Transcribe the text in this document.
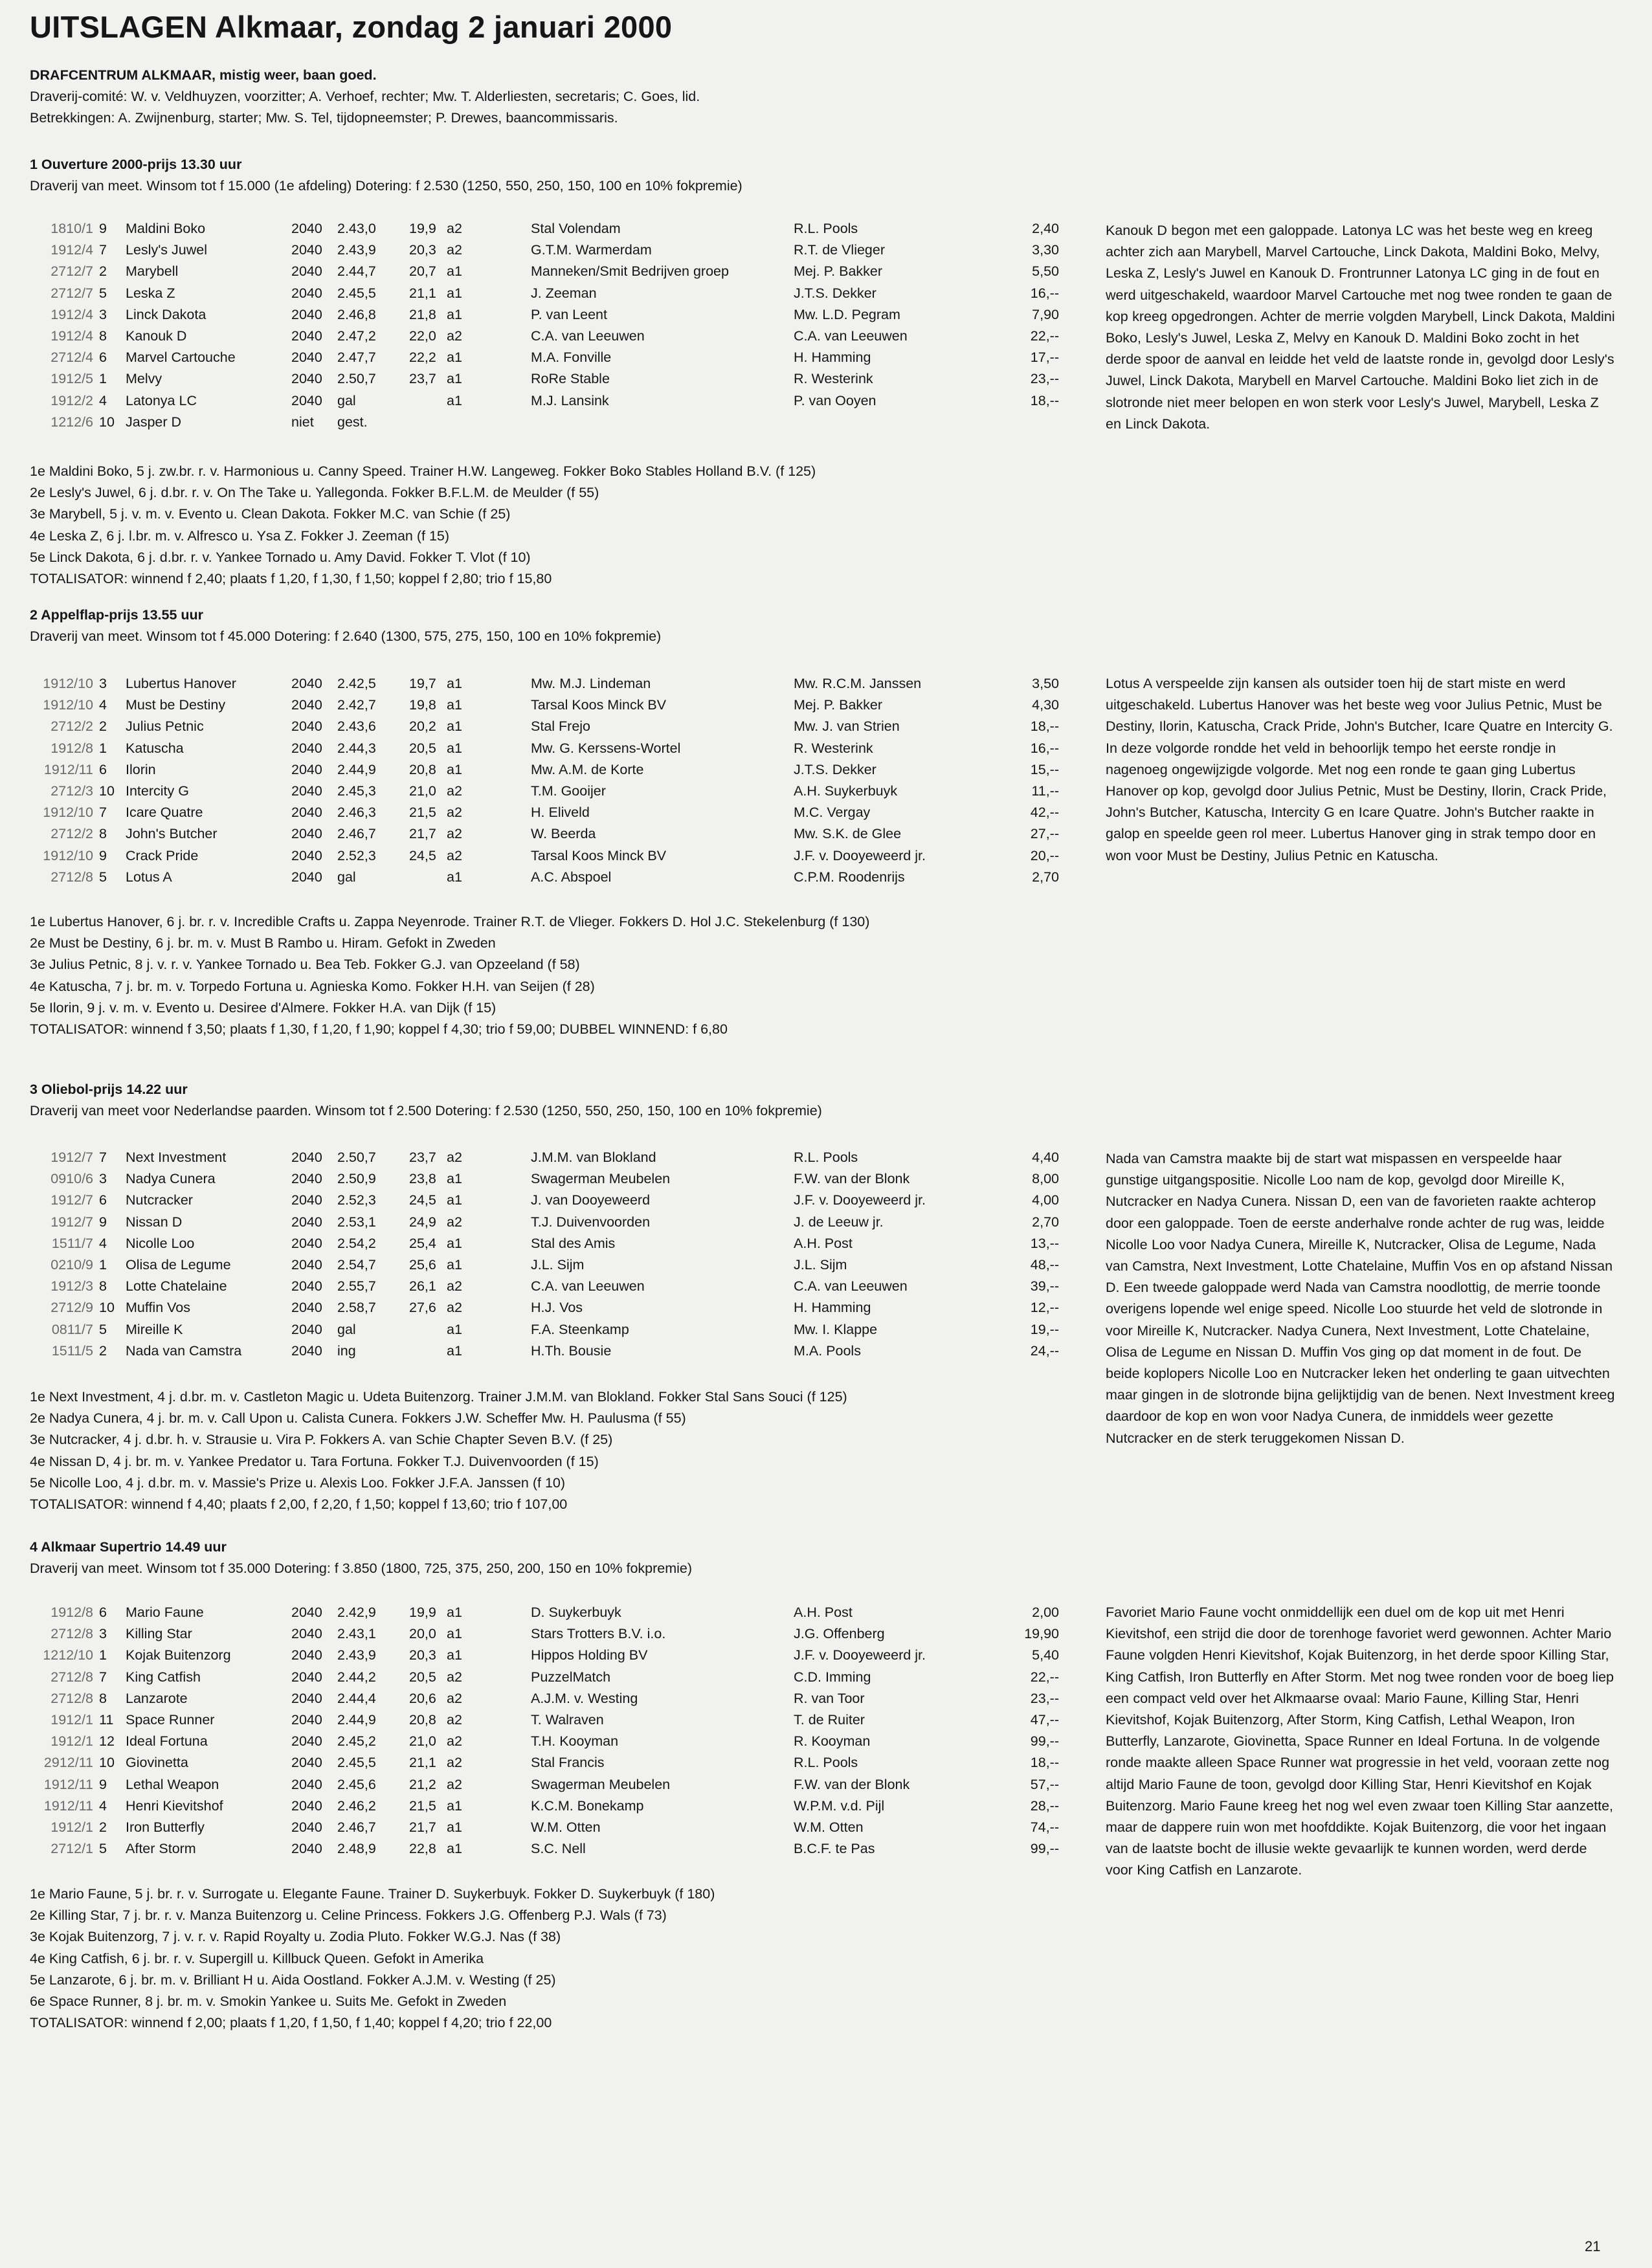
UITSLAGEN Alkmaar, zondag 2 januari 2000
DRAFCENTRUM ALKMAAR, mistig weer, baan goed.
Draverij-comité: W. v. Veldhuyzen, voorzitter; A. Verhoef, rechter; Mw. T. Alderliesten, secretaris; C. Goes, lid.
Betrekkingen: A. Zwijnenburg, starter; Mw. S. Tel, tijdopneemster; P. Drewes, baancommissaris.
1 Ouverture 2000-prijs 13.30 uur
Draverij van meet. Winsom tot f 15.000 (1e afdeling) Dotering: f 2.530 (1250, 550, 250, 150, 100 en 10% fokpremie)
1810/1 9	Maldini Boko	2040 2.43,0 19,9 a2	Stal Volendam	R.L. Pools	2,40
1912/4 7	Lesly's Juwel	2040 2.43,9 20,3 a2	G.T.M. Warmerdam	R.T. de Vlieger	3,30
2712/7 2	Marybell	2040 2.44,7 20,7 a1	Manneken/Smit Bedrijven groep	Mej. P. Bakker	5,50
2712/7 5	Leska Z	2040 2.45,5 21,1 a1	J. Zeeman	J.T.S. Dekker	16,--
1912/4 3	Linck Dakota	2040 2.46,8 21,8 a1	P. van Leent	Mw. L.D. Pegram	7,90
1912/4 8	Kanouk D	2040 2.47,2 22,0 a2	C.A. van Leeuwen	C.A. van Leeuwen	22,--
2712/4 6	Marvel Cartouche	2040 2.47,7 22,2 a1	M.A. Fonville	H. Hamming	17,--
1912/5 1	Melvy	2040 2.50,7 23,7 a1	RoRe Stable	R. Westerink	23,--
1912/2 4	Latonya LC	2040 gal	a1	M.J. Lansink	P. van Ooyen	18,--
1212/6 10 Jasper D	niet gest.
Kanouk D begon met een galoppade. Latonya LC was het beste weg en kreeg achter zich aan Marybell, Marvel Cartouche, Linck Dakota, Maldini Boko, Melvy, Leska Z, Lesly's Juwel en Kanouk D. Frontrunner Latonya LC ging in de fout en werd uitgeschakeld, waardoor Marvel Cartouche met nog twee ronden te gaan de kop kreeg opgedrongen. Achter de merrie volgden Marybell, Linck Dakota, Maldini Boko, Lesly's Juwel, Leska Z, Melvy en Kanouk D. Maldini Boko zocht in het derde spoor de aanval en leidde het veld de laatste ronde in, gevolgd door Lesly's Juwel, Linck Dakota, Marybell en Marvel Cartouche. Maldini Boko liet zich in de slotronde niet meer belopen en won sterk voor Lesly's Juwel, Marybell, Leska Z en Linck Dakota.
1e Maldini Boko, 5 j. zw.br. r. v. Harmonious u. Canny Speed. Trainer H.W. Langeweg. Fokker Boko Stables Holland B.V. (f 125)
2e Lesly's Juwel, 6 j. d.br. r. v. On The Take u. Yallegonda. Fokker B.F.L.M. de Meulder (f 55)
3e Marybell, 5 j. v. m. v. Evento u. Clean Dakota. Fokker M.C. van Schie (f 25)
4e Leska Z, 6 j. l.br. m. v. Alfresco u. Ysa Z. Fokker J. Zeeman (f 15)
5e Linck Dakota, 6 j. d.br. r. v. Yankee Tornado u. Amy David. Fokker T. Vlot (f 10)
TOTALISATOR: winnend f 2,40; plaats f 1,20, f 1,30, f 1,50; koppel f 2,80; trio f 15,80
2 Appelflap-prijs 13.55 uur
Draverij van meet. Winsom tot f 45.000 Dotering: f 2.640 (1300, 575, 275, 150, 100 en 10% fokpremie)
1912/10 3	Lubertus Hanover	2040 2.42,5 19,7 a1	Mw. M.J. Lindeman	Mw. R.C.M. Janssen	3,50
1912/10 4	Must be Destiny	2040 2.42,7 19,8 a1	Tarsal Koos Minck BV	Mej. P. Bakker	4,30
2712/2 2	Julius Petnic	2040 2.43,6 20,2 a1	Stal Frejo	Mw. J. van Strien	18,--
1912/8 1	Katuscha	2040 2.44,3 20,5 a1	Mw. G. Kerssens-Wortel	R. Westerink	16,--
1912/11 6	Ilorin	2040 2.44,9 20,8 a1	Mw. A.M. de Korte	J.T.S. Dekker	15,--
2712/3 10 Intercity G	2040 2.45,3 21,0 a2	T.M. Gooijer	A.H. Suykerbuyk	11,--
1912/10 7	Icare Quatre	2040 2.46,3 21,5 a2	H. Eliveld	M.C. Vergay	42,--
2712/2 8	John's Butcher	2040 2.46,7 21,7 a2	W. Beerda	Mw. S.K. de Glee	27,--
1912/10 9	Crack Pride	2040 2.52,3 24,5 a2	Tarsal Koos Minck BV	J.F. v. Dooyeweerd jr.	20,--
2712/8 5	Lotus A	2040 gal	a1	A.C. Abspoel	C.P.M. Roodenrijs	2,70
Lotus A verspeelde zijn kansen als outsider toen hij de start miste en werd uitgeschakeld. Lubertus Hanover was het beste weg voor Julius Petnic, Must be Destiny, Ilorin, Katuscha, Crack Pride, John's Butcher, Icare Quatre en Intercity G. In deze volgorde rondde het veld in behoorlijk tempo het eerste rondje in nagenoeg ongewijzigde volgorde. Met nog een ronde te gaan ging Lubertus Hanover op kop, gevolgd door Julius Petnic, Must be Destiny, Ilorin, Crack Pride, John's Butcher, Katuscha, Intercity G en Icare Quatre. John's Butcher raakte in galop en speelde geen rol meer. Lubertus Hanover ging in strak tempo door en won voor Must be Destiny, Julius Petnic en Katuscha.
1e Lubertus Hanover, 6 j. br. r. v. Incredible Crafts u. Zappa Neyenrode. Trainer R.T. de Vlieger. Fokkers D. Hol J.C. Stekelenburg (f 130)
2e Must be Destiny, 6 j. br. m. v. Must B Rambo u. Hiram. Gefokt in Zweden
3e Julius Petnic, 8 j. v. r. v. Yankee Tornado u. Bea Teb. Fokker G.J. van Opzeeland (f 58)
4e Katuscha, 7 j. br. m. v. Torpedo Fortuna u. Agnieska Komo. Fokker H.H. van Seijen (f 28)
5e Ilorin, 9 j. v. m. v. Evento u. Desiree d'Almere. Fokker H.A. van Dijk (f 15)
TOTALISATOR: winnend f 3,50; plaats f 1,30, f 1,20, f 1,90; koppel f 4,30; trio f 59,00; DUBBEL WINNEND: f 6,80
3 Oliebol-prijs 14.22 uur
Draverij van meet voor Nederlandse paarden. Winsom tot f 2.500 Dotering: f 2.530 (1250, 550, 250, 150, 100 en 10% fokpremie)
1912/7 7	Next Investment	2040 2.50,7 23,7 a2	J.M.M. van Blokland	R.L. Pools	4,40
0910/6 3	Nadya Cunera	2040 2.50,9 23,8 a1	Swagerman Meubelen	F.W. van der Blonk	8,00
1912/7 6	Nutcracker	2040 2.52,3 24,5 a1	J. van Dooyeweerd	J.F. v. Dooyeweerd jr.	4,00
1912/7 9	Nissan D	2040 2.53,1 24,9 a2	T.J. Duivenvoorden	J. de Leeuw jr.	2,70
1511/7 4	Nicolle Loo	2040 2.54,2 25,4 a1	Stal des Amis	A.H. Post	13,--
0210/9 1	Olisa de Legume	2040 2.54,7 25,6 a1	J.L. Sijm	J.L. Sijm	48,--
1912/3 8	Lotte Chatelaine	2040 2.55,7 26,1 a2	C.A. van Leeuwen	C.A. van Leeuwen	39,--
2712/9 10 Muffin Vos	2040 2.58,7 27,6 a2	H.J. Vos	H. Hamming	12,--
0811/7 5	Mireille K	2040 gal	a1	F.A. Steenkamp	Mw. I. Klappe	19,--
1511/5 2	Nada van Camstra	2040 ing	a1	H.Th. Bousie	M.A. Pools	24,--
Nada van Camstra maakte bij de start wat mispassen en verspeelde haar gunstige uitgangspositie. Nicolle Loo nam de kop, gevolgd door Mireille K, Nutcracker en Nadya Cunera. Nissan D, een van de favorieten raakte achterop door een galoppade. Toen de eerste anderhalve ronde achter de rug was, leidde Nicolle Loo voor Nadya Cunera, Mireille K, Nutcracker, Olisa de Legume, Nada van Camstra, Next Investment, Lotte Chatelaine, Muffin Vos en op afstand Nissan D. Een tweede galoppade werd Nada van Camstra noodlottig, de merrie toonde overigens lopende wel enige speed. Nicolle Loo stuurde het veld de slotronde in voor Mireille K, Nutcracker. Nadya Cunera, Next Investment, Lotte Chatelaine, Olisa de Legume en Nissan D. Muffin Vos ging op dat moment in de fout. De beide koplopers Nicolle Loo en Nutcracker leken het onderling te gaan uitvechten maar gingen in de slotronde bijna gelijktijdig van de benen. Next Investment kreeg daardoor de kop en won voor Nadya Cunera, de inmiddels weer gezette Nutcracker en de sterk teruggekomen Nissan D.
1e Next Investment, 4 j. d.br. m. v. Castleton Magic u. Udeta Buitenzorg. Trainer J.M.M. van Blokland. Fokker Stal Sans Souci (f 125)
2e Nadya Cunera, 4 j. br. m. v. Call Upon u. Calista Cunera. Fokkers J.W. Scheffer Mw. H. Paulusma (f 55)
3e Nutcracker, 4 j. d.br. h. v. Strausie u. Vira P. Fokkers A. van Schie Chapter Seven B.V. (f 25)
4e Nissan D, 4 j. br. m. v. Yankee Predator u. Tara Fortuna. Fokker T.J. Duivenvoorden (f 15)
5e Nicolle Loo, 4 j. d.br. m. v. Massie's Prize u. Alexis Loo. Fokker J.F.A. Janssen (f 10)
TOTALISATOR: winnend f 4,40; plaats f 2,00, f 2,20, f 1,50; koppel f 13,60; trio f 107,00
4 Alkmaar Supertrio 14.49 uur
Draverij van meet. Winsom tot f 35.000 Dotering: f 3.850 (1800, 725, 375, 250, 200, 150 en 10% fokpremie)
1912/8 6	Mario Faune	2040 2.42,9 19,9 a1	D. Suykerbuyk	A.H. Post	2,00
2712/8 3	Killing Star	2040 2.43,1 20,0 a1	Stars Trotters B.V. i.o.	J.G. Offenberg	19,90
1212/10 1	Kojak Buitenzorg	2040 2.43,9 20,3 a1	Hippos Holding BV	J.F. v. Dooyeweerd jr.	5,40
2712/8 7	King Catfish	2040 2.44,2 20,5 a2	PuzzelMatch	C.D. Imming	22,--
2712/8 8	Lanzarote	2040 2.44,4 20,6 a2	A.J.M. v. Westing	R. van Toor	23,--
1912/1 11 Space Runner	2040 2.44,9 20,8 a2	T. Walraven	T. de Ruiter	47,--
1912/1 12 Ideal Fortuna	2040 2.45,2 21,0 a2	T.H. Kooyman	R. Kooyman	99,--
2912/11 10 Giovinetta	2040 2.45,5 21,1 a2	Stal Francis	R.L. Pools	18,--
1912/11 9	Lethal Weapon	2040 2.45,6 21,2 a2	Swagerman Meubelen	F.W. van der Blonk	57,--
1912/11 4	Henri Kievitshof	2040 2.46,2 21,5 a1	K.C.M. Bonekamp	W.P.M. v.d. Pijl	28,--
1912/1 2	Iron Butterfly	2040 2.46,7 21,7 a1	W.M. Otten	W.M. Otten	74,--
2712/1 5	After Storm	2040 2.48,9 22,8 a1	S.C. Nell	B.C.F. te Pas	99,--
Favoriet Mario Faune vocht onmiddellijk een duel om de kop uit met Henri Kievitshof, een strijd die door de torenhoge favoriet werd gewonnen. Achter Mario Faune volgden Henri Kievitshof, Kojak Buitenzorg, in het derde spoor Killing Star, King Catfish, Iron Butterfly en After Storm. Met nog twee ronden voor de boeg liep een compact veld over het Alkmaarse ovaal: Mario Faune, Killing Star, Henri Kievitshof, Kojak Buitenzorg, After Storm, King Catfish, Lethal Weapon, Iron Butterfly, Lanzarote, Giovinetta, Space Runner en Ideal Fortuna. In de volgende ronde maakte alleen Space Runner wat progressie in het veld, vooraan zette nog altijd Mario Faune de toon, gevolgd door Killing Star, Henri Kievitshof en Kojak Buitenzorg. Mario Faune kreeg het nog wel even zwaar toen Killing Star aanzette, maar de dappere ruin won met hoofddikte. Kojak Buitenzorg, die voor het ingaan van de laatste bocht de illusie wekte gevaarlijk te kunnen worden, werd derde voor King Catfish en Lanzarote.
1e Mario Faune, 5 j. br. r. v. Surrogate u. Elegante Faune. Trainer D. Suykerbuyk. Fokker D. Suykerbuyk (f 180)
2e Killing Star, 7 j. br. r. v. Manza Buitenzorg u. Celine Princess. Fokkers J.G. Offenberg P.J. Wals (f 73)
3e Kojak Buitenzorg, 7 j. v. r. v. Rapid Royalty u. Zodia Pluto. Fokker W.G.J. Nas (f 38)
4e King Catfish, 6 j. br. r. v. Supergill u. Killbuck Queen. Gefokt in Amerika
5e Lanzarote, 6 j. br. m. v. Brilliant H u. Aida Oostland. Fokker A.J.M. v. Westing (f 25)
6e Space Runner, 8 j. br. m. v. Smokin Yankee u. Suits Me. Gefokt in Zweden
TOTALISATOR: winnend f 2,00; plaats f 1,20, f 1,50, f 1,40; koppel f 4,20; trio f 22,00
21
